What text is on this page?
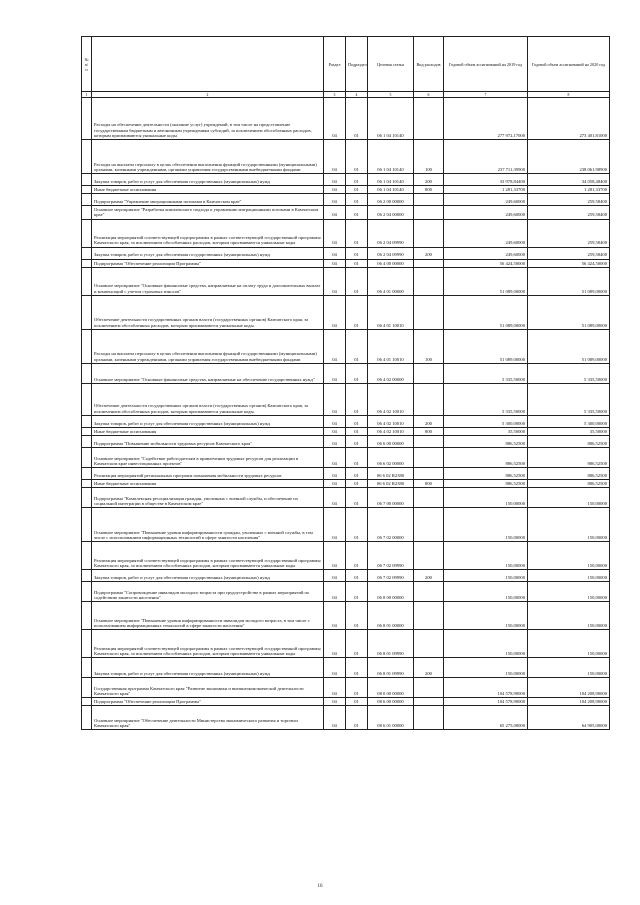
№ п/п		Раздел	Подраздел	Целевая статья	Вид расходов	Годовой объем ассигнований на 2019 год	Годовой объем ассигнований на 2020 год
1	2	3	4	5	6	7	8
	Расходы на обеспечение деятельности (оказание услуг) учреждений, в том числе на предоставление государственным бюджетным и автономным учреждениям субсидий, за исключением обособленных расходов, которым присваиваются уникальные коды	04	01	06 1 04 10140		277 972,17000	273 401,81000
	Расходы на выплаты персоналу в целях обеспечения выполнения функций государственными (муниципальными) органами, казенными учреждениями, органами управления государственными внебюджетными фондами	04	01	06 1 04 10140	100	237 711,39900	238 061,98900
	Закупка товаров, работ и услуг для обеспечения государственных (муниципальных) нужд	04	01	06 1 04 10140	200	33 978,84400	34 058,48400
	Иные бюджетные ассигнования	04	01	06 1 04 10140	800	1 281,33700	1 281,33700
	Подпрограмма "Управление миграционными потоками в Камчатском крае"	04	01	06 2 00 00000		249,60000	259,58400
	Основное мероприятие "Разработка комплексного подхода к управлению миграционными потоками в Камчатском крае"	04	01	06 2 04 00000		249,60000	259,58400
	Реализация мероприятий соответствующей подпрограммы в рамках соответствующей государственной программы Камчатского края, за исключением обособленных расходов, которым присваиваются уникальные коды	04	01	06 2 04 09990		249,60000	259,58400
	Закупка товаров, работ и услуг для обеспечения государственных (муниципальных) нужд	04	01	06 2 04 09990	200	249,60000	259,58400
	Подпрограмма "Обеспечение реализации Программы"	04	01	06 4 00 00000		56 424,50000	56 424,50000
	Основное мероприятие "Основные финансовые средства, направляемые на оплату труда и дополнительных выплат и компенсаций с учетом страховых взносов"	04	01	06 4 01 00000		51 089,00000	51 089,00000
	Обеспечение деятельности государственных органов власти (государственных органов) Камчатского края, за исключением обособленных расходов, которым присваиваются уникальные коды.	04	01	06 4 01 10010		51 089,00000	51 089,00000
	Расходы на выплаты персоналу в целях обеспечения выполнения функций государственными (муниципальными) органами, казенными учреждениями, органами управления государственными внебюджетными фондами	04	01	06 4 01 10010	100	51 089,00000	51 089,00000
	Основное мероприятие "Основные финансовые средства, направляемые на обеспечение государственных нужд"	04	01	06 4 02 00000		5 335,50000	5 335,50000
	Обеспечение деятельности государственных органов власти (государственных органов) Камчатского края, за исключением обособленных расходов, которым присваиваются уникальные коды.	04	01	06 4 02 10010		5 335,50000	5 335,50000
	Закупка товаров, работ и услуг для обеспечения государственных (муниципальных) нужд	04	01	06 4 02 10010	200	5 300,00000	5 300,00000
	Иные бюджетные ассигнования	04	01	06 4 02 10010	800	35,50000	35,50000
	Подпрограмма "Повышение мобильности трудовых ресурсов Камчатского края"	04	01	06 6 00 00000		886,52500	886,52500
	Основное мероприятие "Содействие работодателям в привлечении трудовых ресурсов для реализации в Камчатском крае инвестиционных проектов"	04	01	06 6 02 00000		886,52500	886,52500
	Реализация мероприятий региональных программ повышения мобильности трудовых ресурсов	04	01	06 6 02 R2380		886,52500	886,52500
	Иные бюджетные ассигнования	04	01	06 6 02 R2380	800	886,52500	886,52500
	Подпрограмма "Комплексная ресоциализация граждан, уволенных с военной службы, и обеспечение их социальной интеграции в обществе в Камчатском крае"	04	01	06 7 00 00000		150,00000	150,00000
	Основное мероприятие "Повышение уровня информированности граждан, уволенных с военной службы, в том числе с использованием информационных технологий в сфере занятости населения"	04	01	06 7 02 00000		150,00000	150,00000
	Реализация мероприятий соответствующей подпрограммы в рамках соответствующей государственной программы Камчатского края, за исключением обособленных расходов, которым присваиваются уникальные коды	04	01	06 7 02 09990		150,00000	150,00000
	Закупка товаров, работ и услуг для обеспечения государственных (муниципальных) нужд	04	01	06 7 02 09990	200	150,00000	150,00000
	Подпрограмма "Сопровождение инвалидов молодого возраста при трудоустройстве в рамках мероприятий по содействию занятости населения"	04	01	06 8 00 00000		150,00000	150,00000
	Основное мероприятие "Повышение уровня информированности инвалидов молодого возраста, в том числе с использованием информационных технологий в сфере занятости населения"	04	01	06 8 01 00000		150,00000	150,00000
	Реализация мероприятий соответствующей подпрограммы в рамках соответствующей государственной программы Камчатского края, за исключением обособленных расходов, которым присваиваются уникальные коды	04	01	06 8 01 09990		150,00000	150,00000
	Закупка товаров, работ и услуг для обеспечения государственных (муниципальных) нужд	04	01	06 8 01 09990	200	150,00000	150,00000
	Государственная программа Камчатского края "Развитие экономики и внешнеэкономической деятельности Камчатского края"	04	01	08 0 00 00000		104 578,90000	104 208,90000
	Подпрограмма "Обеспечение реализации Программы"	04	01	08 6 00 00000		104 578,90000	104 208,90000
	Основное мероприятие "Обеспечение деятельности Министерства экономического развития и торговли Камчатского края"	04	01	08 6 01 00000		65 275,00000	64 905,00000
16
